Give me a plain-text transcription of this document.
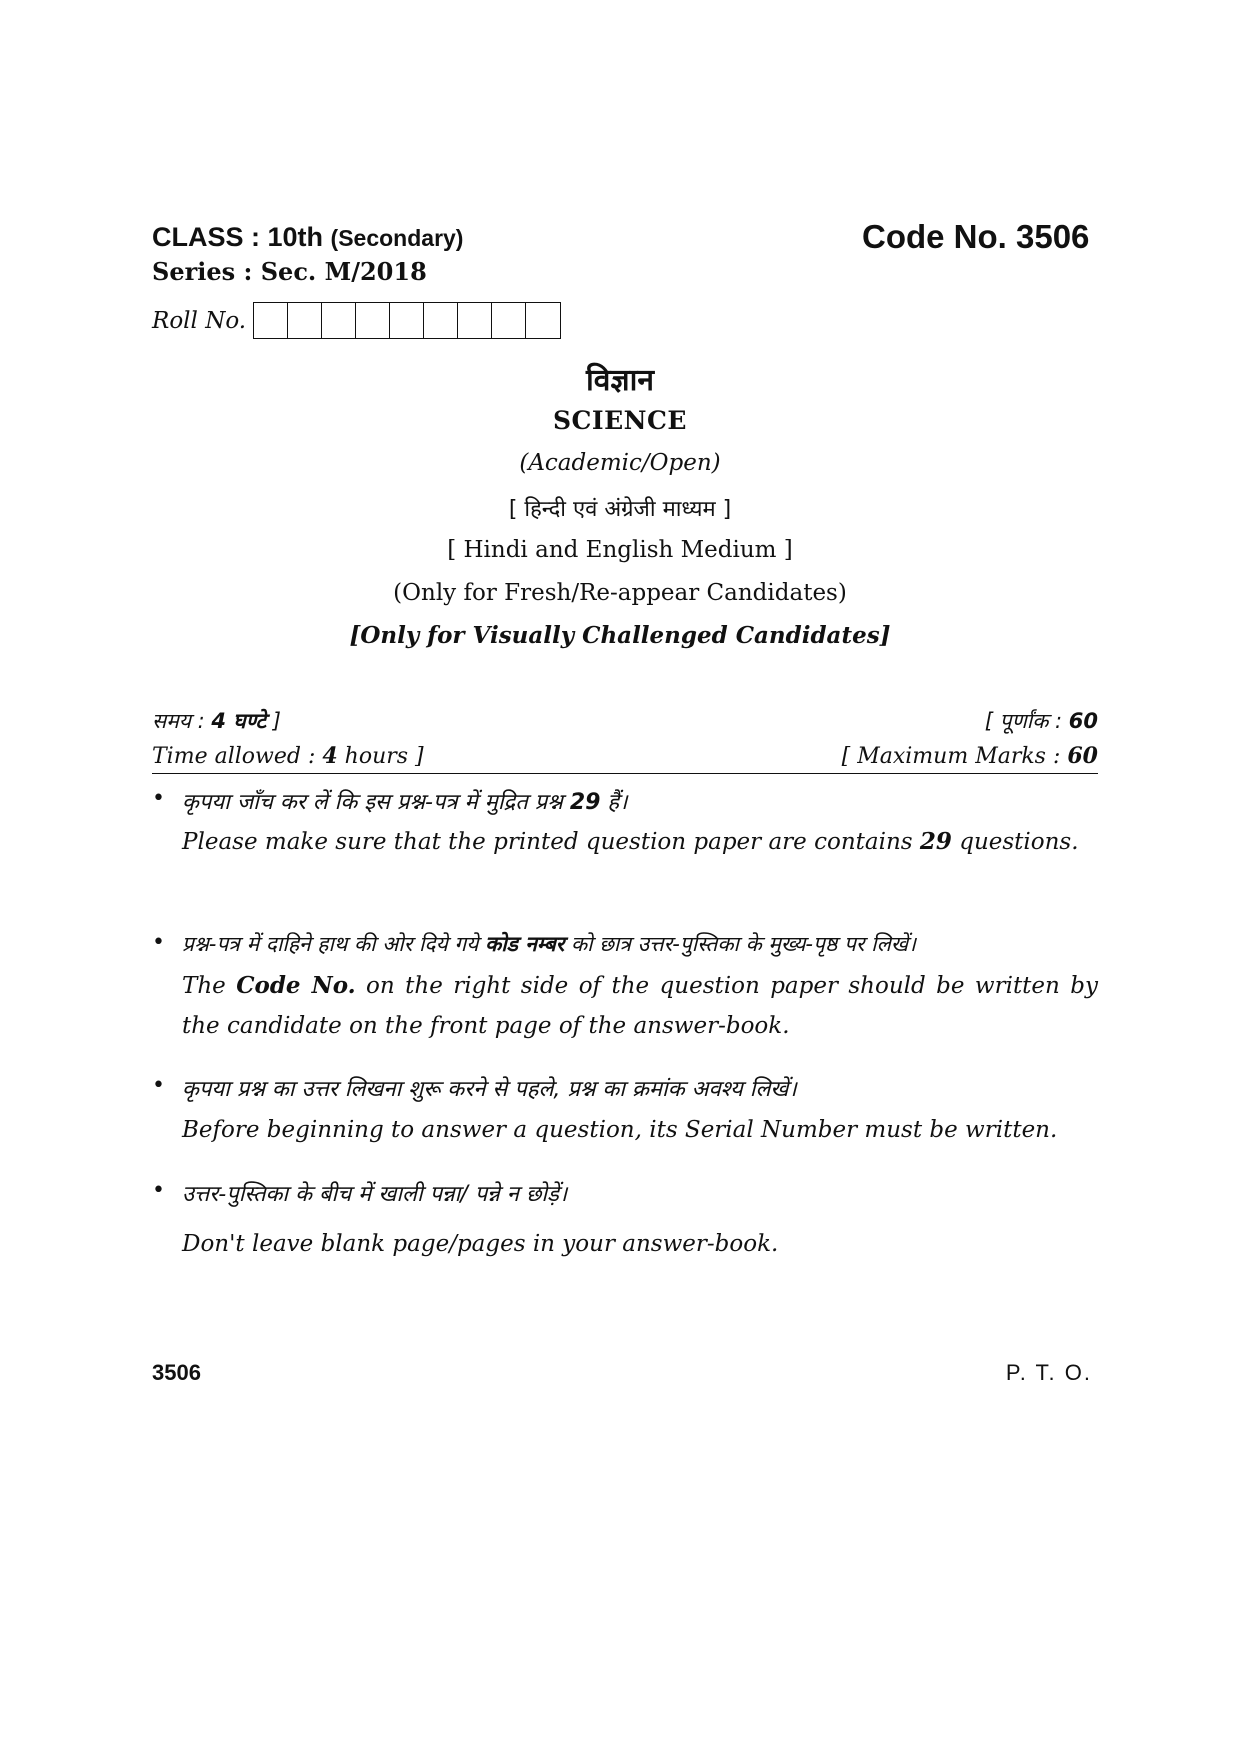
CLASS : 10th (Secondary)
Series : Sec. M/2018
Code No. 3506
Roll No.
विज्ञान
SCIENCE
(Academic/Open)
[ हिन्दी एवं अंग्रेजी माध्यम ]
[ Hindi and English Medium ]
(Only for Fresh/Re-appear Candidates)
[Only for Visually Challenged Candidates]
समय : 4 घण्टे ]
Time allowed : 4 hours ]
[ पूर्णांक : 60
[ Maximum Marks : 60
• कृपया जाँच कर लें कि इस प्रश्न-पत्र में मुद्रित प्रश्न 29 हैं।
Please make sure that the printed question paper are contains 29 questions.
• प्रश्न-पत्र में दाहिने हाथ की ओर दिये गये कोड नम्बर को छात्र उत्तर-पुस्तिका के मुख्य-पृष्ठ पर लिखें।
The Code No. on the right side of the question paper should be written by the candidate on the front page of the answer-book.
• कृपया प्रश्न का उत्तर लिखना शुरू करने से पहले, प्रश्न का क्रमांक अवश्य लिखें।
Before beginning to answer a question, its Serial Number must be written.
• उत्तर-पुस्तिका के बीच में खाली पन्ना/ पन्ने न छोड़ें।
Don't leave blank page/pages in your answer-book.
3506	P. T. O.
